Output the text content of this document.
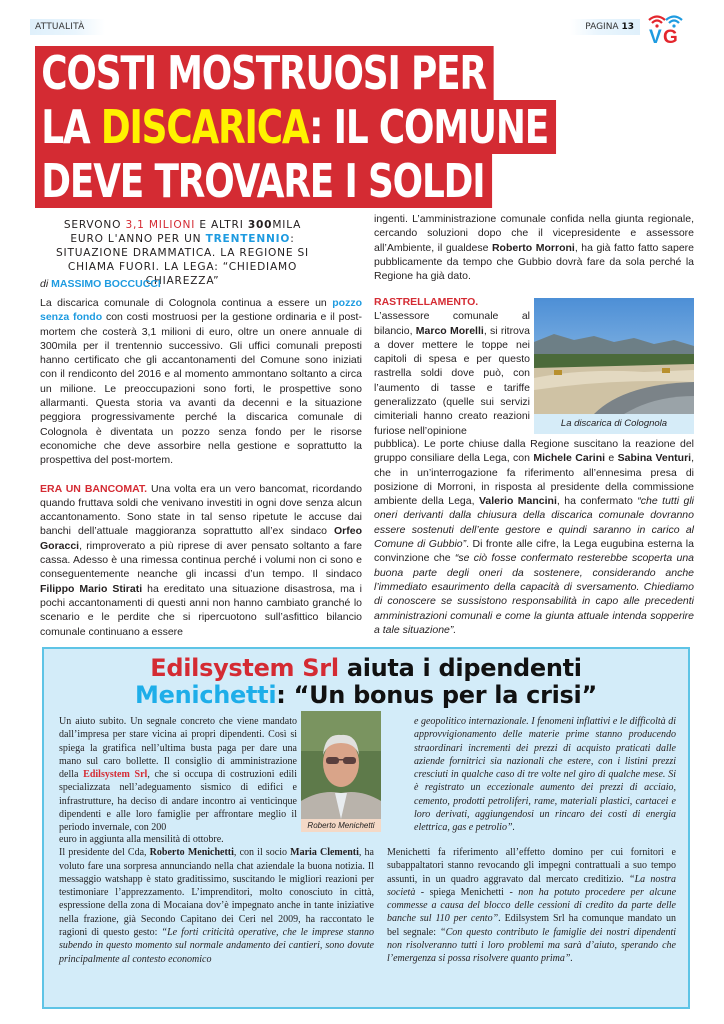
ATTUALITÀ	PAGINA 13 V G
COSTI MOSTRUOSI PER
LA DISCARICA: IL COMUNE
DEVE TROVARE I SOLDI
SERVONO 3,1 MILIONI E ALTRI 300MILA EURO L'ANNO PER UN TRENTENNIO: SITUAZIONE DRAMMATICA. LA REGIONE SI CHIAMA FUORI. LA LEGA: “CHIEDIAMO CHIAREZZA”
di MASSIMO BOCCUCCI

La discarica comunale di Colognola continua a essere un pozzo senza fondo con costi mostruosi per la gestione ordinaria e il post-mortem che costerà 3,1 milioni di euro, oltre un onere annuale di 300mila per il trentennio successivo. Gli uffici comunali preposti hanno certificato che gli accantonamenti del Comune sono iniziati con il rendiconto del 2016 e al momento ammontano soltanto a circa un milione. Le preoccupazioni sono forti, le prospettive sono allarmanti. Questa storia va avanti da decenni e la situazione peggiora progressivamente perché la discarica comunale di Colognola è diventata un pozzo senza fondo per le risorse economiche che deve assorbire nella gestione e soprattutto la prospettiva del post-mortem.

ERA UN BANCOMAT. Una volta era un vero bancomat, ricordando quando fruttava soldi che venivano investiti in ogni dove senza alcun accantonamento. Sono state in tal senso ripetute le accuse dai banchi dell’attuale maggioranza soprattutto all’ex sindaco Orfeo Goracci, rimproverato a più riprese di aver pensato soltanto a fare cassa. Adesso è una rimessa continua perché i volumi non ci sono e conseguentemente neanche gli incassi d’un tempo. Il sindaco Filippo Mario Stirati ha ereditato una situazione disastrosa, ma i pochi accantonamenti di questi anni non hanno cambiato granché lo scenario e le perdite che si ripercuotono sull’asfittico bilancio comunale continuano a essere

ingenti. L’amministrazione comunale confida nella giunta regionale, cercando soluzioni dopo che il vicepresidente e assessore all’Ambiente, il gualdese Roberto Morroni, ha già fatto fatto sapere pubblicamente da tempo che Gubbio dovrà fare da sola perché la Regione ha già dato.

RASTRELLAMENTO. L’assessore comunale al bilancio, Marco Morelli, si ritrova a dover mettere le toppe nei capitoli di spesa e per questo rastrella soldi dove può, con l’aumento di tasse e tariffe generalizzato (quelle sui servizi cimiteriali hanno creato reazioni furiose nell’opinione

La discarica di Colognola

pubblica). Le porte chiuse dalla Regione suscitano la reazione del gruppo consiliare della Lega, con Michele Carini e Sabina Venturi, che in un’interrogazione fa riferimento all’ennesima presa di posizione di Morroni, in risposta al presidente della commissione ambiente della Lega, Valerio Mancini, ha confermato “che tutti gli oneri derivanti dalla chiusura della discarica comunale dovranno essere sostenuti dell’ente gestore e quindi saranno in carico al Comune di Gubbio”. Di fronte alle cifre, la Lega eugubina esterna la convinzione che “se ciò fosse confermato resterebbe scoperta una buona parte degli oneri da sostenere, considerando anche l’immediato esaurimento della capacità di sversamento. Chiediamo di conoscere se sussistono responsabilità in capo alle precedenti amministrazioni comunali e come la giunta attuale intenda sopperire a tale situazione”.

Edilsystem Srl aiuta i dipendenti
Menichetti: “Un bonus per la crisi”

Un aiuto subito. Un segnale concreto che viene mandato dall’impresa per stare vicina ai propri dipendenti. Così si spiega la gratifica nell’ultima busta paga per dare una mano sul caro bollette. Il consiglio di amministrazione della Edilsystem Srl, che si occupa di costruzioni edili specializzata nell’adeguamento sismico di edifici e infrastrutture, ha deciso di andare incontro ai venticinque dipendenti e alle loro famiglie per affrontare meglio il periodo invernale, con 200

euro in aggiunta alla mensilità di ottobre.

Il presidente del Cda, Roberto Menichetti, con il socio Maria Clementi, ha voluto fare una sorpresa annunciando nella chat aziendale la buona notizia. Il messaggio watshapp è stato graditissimo, suscitando le migliori reazioni per testimoniare l’apprezzamento. L’imprenditori, molto conosciuto in città, espressione della zona di Mocaiana dov’è impegnato anche in tante iniziative nella frazione, già Secondo Capitano dei Ceri nel 2009, ha raccontato le ragioni di questo gesto: “Le forti criticità operative, che le imprese stanno subendo in questo momento sul normale andamento dei cantieri, sono dovute principalmente al contesto economico

Roberto Menichetti

e geopolitico internazionale. I fenomeni inflattivi e le difficoltà di approvvigionamento delle materie prime stanno producendo straordinari incrementi dei prezzi di acquisto praticati dalle aziende fornitrici sia nazionali che estere, con i listini prezzi cresciuti in qualche caso di tre volte nel giro di qualche mese. Si è registrato un eccezionale aumento dei prezzi di acciaio, cemento, prodotti petroliferi, rame, materiali plastici, cartacei e loro derivati, aggiungendosi un rincaro dei costi di energia elettrica, gas e petrolio”.

Menichetti fa riferimento all’effetto domino per cui fornitori e subappaltatori stanno revocando gli impegni contrattuali a suo tempo assunti, in un quadro aggravato dal mercato creditizio. “La nostra società - spiega Menichetti - non ha potuto procedere per alcune commesse a causa del blocco delle cessioni di credito da parte delle banche sul 110 per cento”. Edilsystem Srl ha comunque mandato un bel segnale: “Con questo contributo le famiglie dei nostri dipendenti non risolveranno tutti i loro problemi ma sarà d’aiuto, sperando che l’emergenza si possa risolvere quanto prima”.
